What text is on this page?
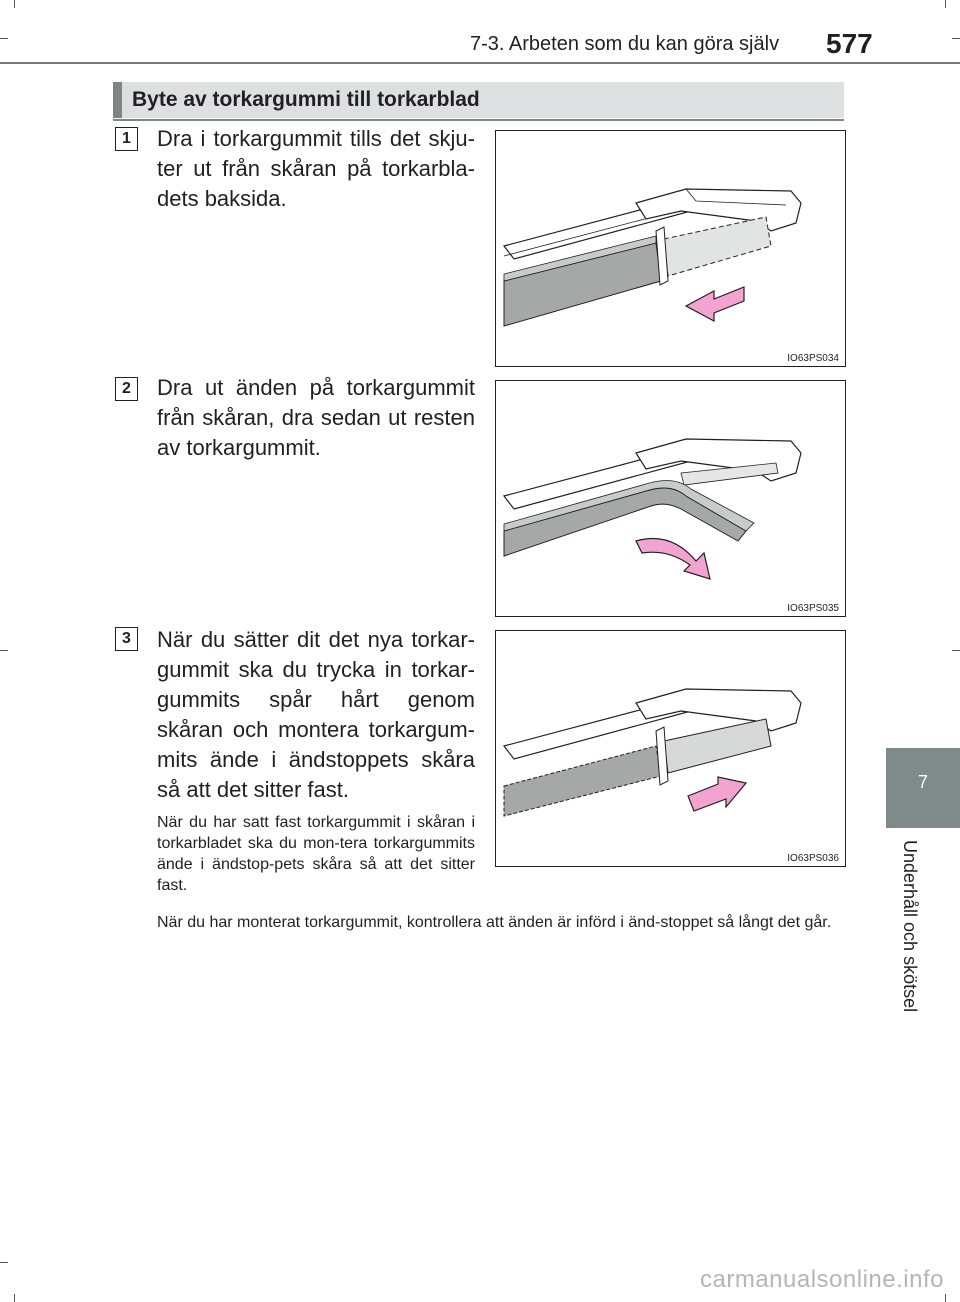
7-3. Arbeten som du kan göra själv 577
7
Underhåll och skötsel
Byte av torkargummi till torkarblad
1	Dra i torkargummit tills det skju-ter ut från skåran på torkarbla-dets baksida.
IO63PS034
2	Dra ut änden på torkargummit från skåran, dra sedan ut resten av torkargummit.
IO63PS035
3	När du sätter dit det nya torkar-gummit ska du trycka in torkar-gummits spår hårt genom skåran och montera torkargum-mits ände i ändstoppets skåra så att det sitter fast.
När du har satt fast torkargummit i skåran i torkarbladet ska du mon-tera torkargummits ände i ändstop-pets skåra så att det sitter fast.
IO63PS036
När du har monterat torkargummit, kontrollera att änden är införd i änd-stoppet så långt det går.
carmanualsonline.info
